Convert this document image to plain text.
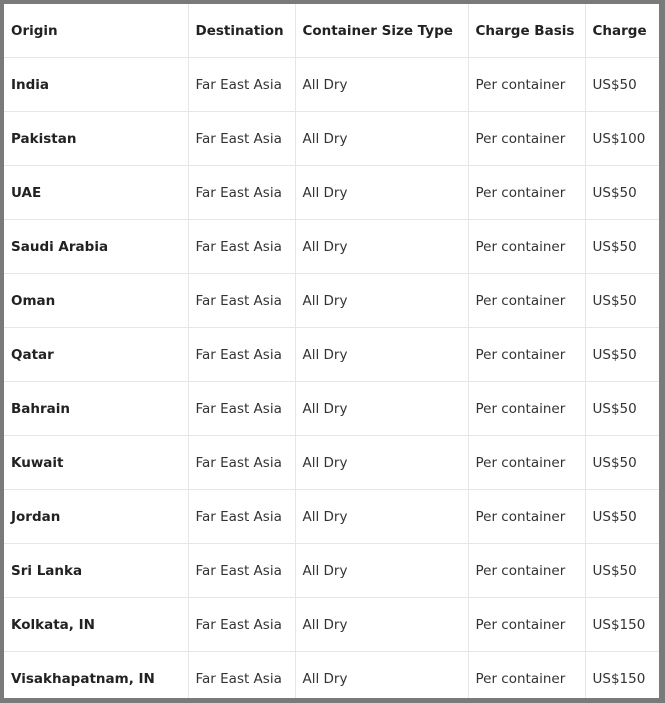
Origin	Destination	Container Size Type	Charge Basis	Charge
India	Far East Asia	All Dry	Per container	US$50
Pakistan	Far East Asia	All Dry	Per container	US$100
UAE	Far East Asia	All Dry	Per container	US$50
Saudi Arabia	Far East Asia	All Dry	Per container	US$50
Oman	Far East Asia	All Dry	Per container	US$50
Qatar	Far East Asia	All Dry	Per container	US$50
Bahrain	Far East Asia	All Dry	Per container	US$50
Kuwait	Far East Asia	All Dry	Per container	US$50
Jordan	Far East Asia	All Dry	Per container	US$50
Sri Lanka	Far East Asia	All Dry	Per container	US$50
Kolkata, IN	Far East Asia	All Dry	Per container	US$150
Visakhapatnam, IN	Far East Asia	All Dry	Per container	US$150
